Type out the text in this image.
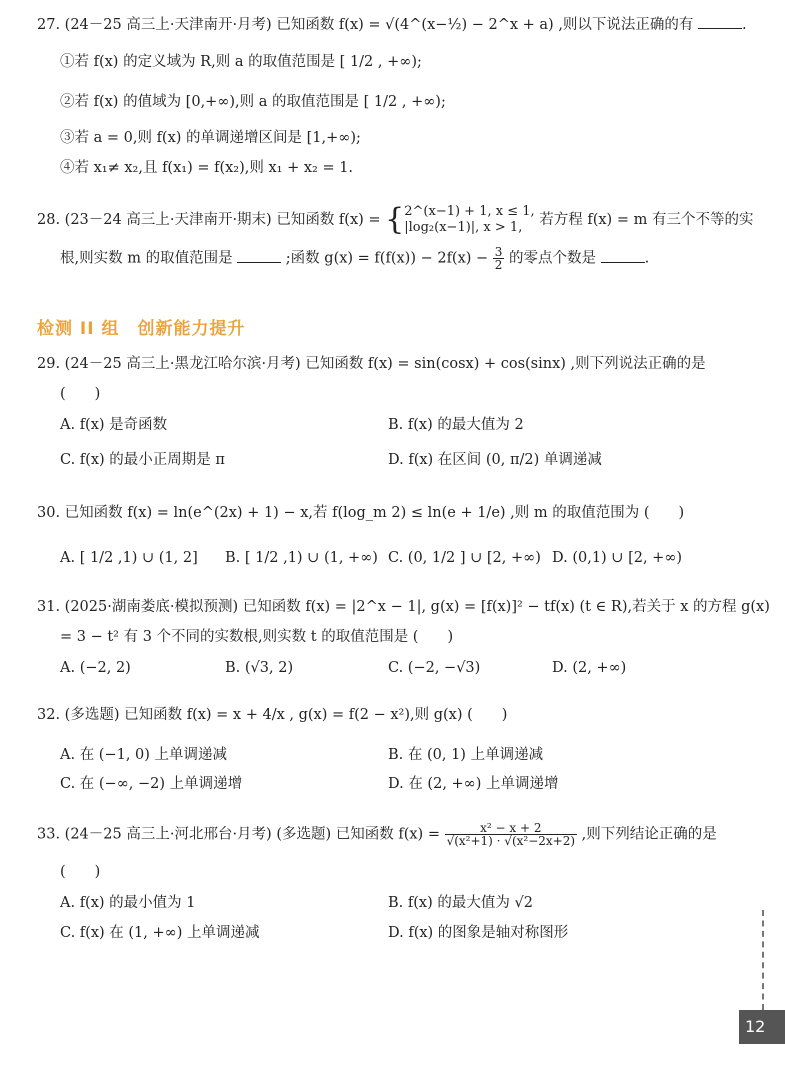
27. (24－25 高三上·天津南开·月考) 已知函数 f(x) = √(4^(x−½) − 2^x + a) ,则以下说法正确的有	.
①若 f(x) 的定义域为 R,则 a 的取值范围是 [ 1/2 , +∞);
②若 f(x) 的值域为 [0,+∞),则 a 的取值范围是 [ 1/2 , +∞);
③若 a = 0,则 f(x) 的单调递增区间是 [1,+∞);
④若 x₁≠ x₂,且 f(x₁) = f(x₂),则 x₁ + x₂ = 1.
28. (23－24 高三上·天津南开·期末) 已知函数 f(x) = { 2^(x−1) + 1, x ≤ 1,
|log₂(x−1)|, x > 1,	若方程 f(x) = m 有三个不等的实
根,则实数 m 的取值范围是	;函数 $g(x) = f(f(x)) - 2f(x) - \frac{3}{2}$ 的零点个数是	.
检测 II 组　创新能力提升
29. (24－25 高三上·黑龙江哈尔滨·月考) 已知函数 f(x) = sin(cosx) + cos(sinx) ,则下列说法正确的是
(　　)
A. f(x) 是奇函数	B. f(x) 的最大值为 2
C. f(x) 的最小正周期是 π	D. f(x) 在区间 (0, π/2) 单调递减
30. 已知函数 f(x) = ln(e^(2x) + 1) − x,若 f(log_m 2) ≤ ln(e + 1/e) ,则 m 的取值范围为 (　　)
A. [ 1/2 ,1) ∪ (1, 2] B. [ 1/2 ,1) ∪ (1, +∞) C. (0, 1/2 ] ∪ [2, +∞) D. (0,1) ∪ [2, +∞)
31. (2025·湖南娄底·模拟预测) 已知函数 f(x) = |2^x − 1|, g(x) = [f(x)]² − tf(x) (t ∈ R),若关于 x 的方程 g(x)
= 3 − t² 有 3 个不同的实数根,则实数 t 的取值范围是 (　　)
A. (−2, 2)	B. (√3, 2)	C. (−2, −√3)	D. (2, +∞)
32. (多选题) 已知函数 f(x) = x + 4/x , g(x) = f(2 − x²),则 g(x) (　　)
A. 在 (−1, 0) 上单调递减	B. 在 (0, 1) 上单调递减
C. 在 (−∞, −2) 上单调递增	D. 在 (2, +∞) 上单调递增
33. (24－25 高三上·河北邢台·月考) (多选题) 已知函数 $f(x) = \frac{\text{x² − x + 2}}{\text{√(x²+1) · √(x²−2x+2)}}$ ,则下列结论正确的是
(　　)
A. f(x) 的最小值为 1	B. f(x) 的最大值为 √2
C. f(x) 在 (1, +∞) 上单调递减	D. f(x) 的图象是轴对称图形
12
